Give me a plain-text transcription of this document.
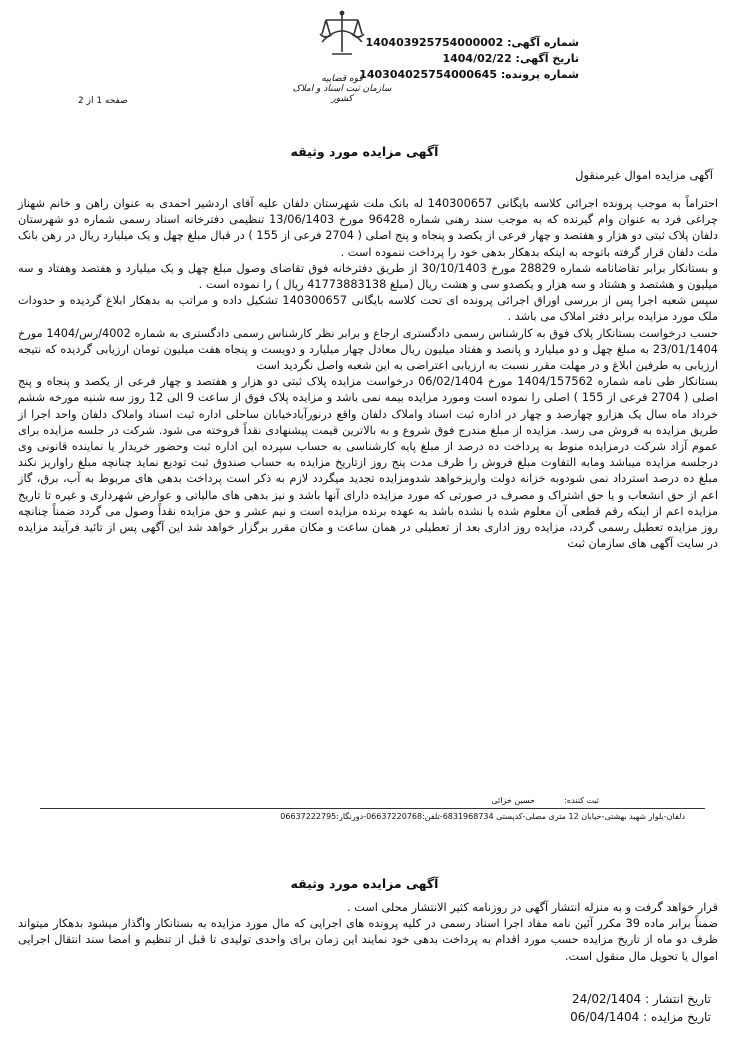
شماره آگهی: 140403925754000002
تاریخ آگهی: 1404/02/22
شماره پرونده: 140304025754000645
قوه قضاییه
سازمان ثبت اسناد و املاک کشور
صفحه 1 از 2
آگهی مزایده مورد وثیقه
آگهی مزایده اموال غیرمنقول
احتراماً به موجب پرونده اجرائی کلاسه بایگانی 140300657 له بانک ملت شهرستان دلفان علیه آقای اردشیر احمدی به عنوان راهن و خانم شهناز چراغی فرد به عنوان وام گیرنده که به موجب سند رهنی شماره 96428 مورخ 13/06/1403 تنظیمی دفترخانه اسناد رسمی شماره دو شهرستان دلفان پلاک ثبتی دو هزار و هفتصد و چهار فرعی از یکصد و پنجاه و پنج اصلی ( 2704 فرعی از 155 ) در قبال مبلغ چهل و یک میلیارد ریال در رهن بانک ملت دلفان قرار گرفته باتوجه به اینکه بدهکار بدهی خود را پرداخت ننموده است .
و بستانکار برابر تقاضانامه شماره 28829 مورخ 30/10/1403 از طریق دفترخانه فوق تقاضای وصول مبلغ چهل و یک میلیارد و هفتصد وهفتاد و سه میلیون و هشتصد و هشتاد و سه هزار و یکصدو سی و هشت ریال (مبلغ 41773883138 ریال ) را نموده است .
سپس شعبه اجرا پس از بررسی اوراق اجرائی پرونده ای تحت کلاسه بایگانی 140300657 تشکیل داده و مراتب به بدهکار ابلاغ گردیده و حدودات ملک مورد مزایده برابر دفتر املاک می باشد .
حسب درخواست بستانکار پلاک فوق به کارشناس رسمی دادگستری ارجاع و برابر نظر کارشناس رسمی دادگستری به شماره 4002/رس/1404 مورخ 23/01/1404 به مبلغ چهل و دو میلیارد و پانصد و هفتاد میلیون ریال معادل چهار میلیارد و دویست و پنجاه هفت میلیون تومان ارزیابی گردیده که نتیجه ارزیابی به طرفین ابلاغ و در مهلت مقرر نسبت به ارزیابی اعتراضی به این شعبه واصل نگردید است
بستانکار طی نامه شماره 1404/157562 مورخ 06/02/1404 درخواست مزایده پلاک ثبتی دو هزار و هفتصد و چهار فرعی از یکصد و پنجاه و پنج اصلی ( 2704 فرعی از 155 ) اصلی را نموده است ومورد مزایده بیمه نمی باشد و مزایده پلاک فوق از ساعت 9 الی 12 روز سه شنبه مورخه ششم خرداد ماه سال یک هزارو چهارصد و چهار در اداره ثبت اسناد واملاک دلفان واقع درنورآبادخیابان ساحلی اداره ثبت اسناد واملاک دلفان واحد اجرا از طریق مزایده به فروش می رسد. مزایده از مبلغ مندرج فوق شروع و به بالاترین قیمت پیشنهادی نقداً فروخته می شود. شرکت در جلسه مزایده برای عموم آزاد شرکت درمزایده منوط به پرداخت ده درصد از مبلغ پایه کارشناسی به حساب سپرده این اداره ثبت وحضور خریدار یا نماینده قانونی وی درجلسه مزایده میباشد ومابه التفاوت مبلغ فروش را ظرف مدت پنج روز ازتاریخ مزایده به حساب صندوق ثبت تودیع نماید چنانچه مبلغ راواریز نکند مبلغ ده درصد استرداد نمی شودوبه خزانه دولت واریزخواهد شدومزایده تجدید میگردد لازم به ذکر است پرداخت بدهی های مربوط به آب، برق، گاز اعم از حق انشعاب و یا حق اشتراک و مصرف در صورتی که مورد مزایده دارای آنها باشد و نیز بدهی های مالیاتی و عوارض شهرداری و غیره تا تاریخ مزایده اعم از اینکه رقم قطعی آن معلوم شده یا نشده باشد به عهده برنده مزایده است و نیم عشر و حق مزایده نقداً وصول می گردد ضمناً چنانچه روز مزایده تعطیل رسمی گردد، مزایده روز اداری بعد از تعطیلی در همان ساعت و مکان مقرر برگزار خواهد شد این آگهی پس از تائید فرآیند مزایده در سایت آگهی های سازمان ثبت
ثبت کننده:
حسین خزائی
دلفان-بلوار شهید بهشتی-خیابان 12 متری مصلی-کدپستی 6831968734-تلفن:06637220768-دورنگار:06637222795
آگهی مزایده مورد وثیقه
قرار خواهد گرفت و به منزله انتشار آگهی در روزنامه کثیر الانتشار محلی است .
ضمناً برابر ماده 39 مکرر آئین نامه مفاد اجرا اسناد رسمی در کلیه پرونده های اجرایی که مال مورد مزایده به بستانکار واگذار میشود بدهکار میتواند ظرف دو ماه از تاریخ مزایده حسب مورد اقدام به پرداخت بدهی خود نمایند این زمان برای واحدی تولیدی تا قبل از تنظیم و امضا سند انتقال اجرایی اموال یا تحویل مال منقول است.
تاریخ انتشار : 24/02/1404
تاریخ مزایده : 06/04/1404
